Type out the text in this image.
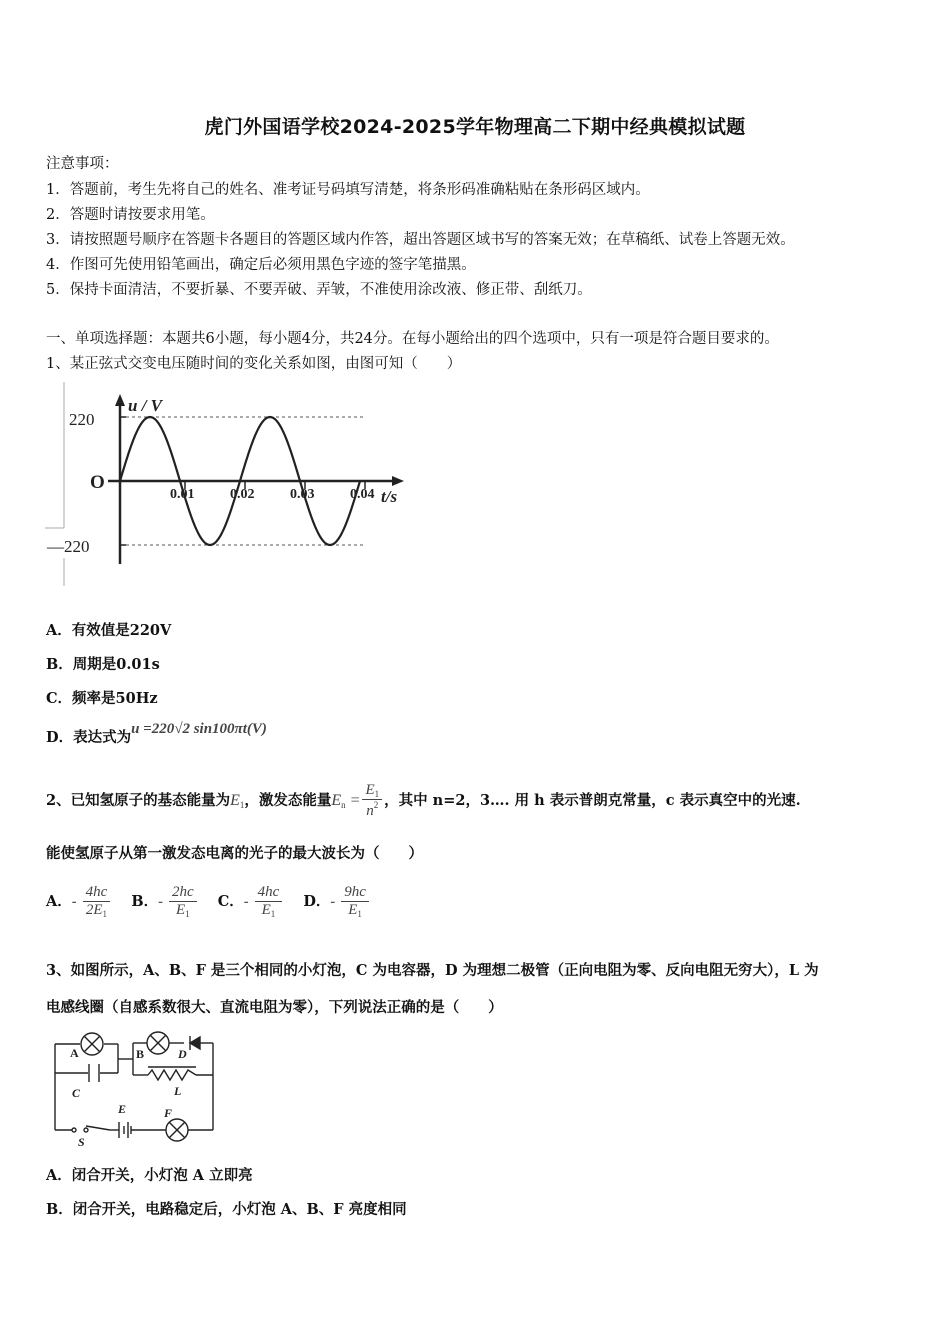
虎门外国语学校2024-2025学年物理高二下期中经典模拟试题
注意事项：
1．答题前，考生先将自己的姓名、准考证号码填写清楚，将条形码准确粘贴在条形码区域内。
2．答题时请按要求用笔。
3．请按照题号顺序在答题卡各题目的答题区域内作答，超出答题区域书写的答案无效；在草稿纸、试卷上答题无效。
4．作图可先使用铅笔画出，确定后必须用黑色字迹的签字笔描黑。
5．保持卡面清洁，不要折暴、不要弄破、弄皱，不准使用涂改液、修正带、刮纸刀。
一、单项选择题：本题共6小题，每小题4分，共24分。在每小题给出的四个选项中，只有一项是符合题目要求的。
1、某正弦式交变电压随时间的变化关系如图，由图可知（　　）
220
—220
O
u / V
t/s
0.01	0.02	0.03	0.04
A．有效值是220V
B．周期是0.01s
C．频率是50Hz
D．表达式为u =220√2 sin100πt(V)
2、已知氢原子的基态能量为$E_1$，激发态能量$E_n = \frac{E_1}{n^2}$ ，其中 n=2，3…. 用 h 表示普朗克常量，c 表示真空中的光速.
能使氢原子从第一激发态电离的光子的最大波长为（　　）
A．- $\frac{4hc}{2E_1}$ B．- $\frac{2hc}{E_1}$ C．- $\frac{4hc}{E_1}$ D．- $\frac{9hc}{E_1}$
3、如图所示，A、B、F 是三个相同的小灯泡，C 为电容器，D 为理想二极管（正向电阻为零、反向电阻无穷大），L 为
电感线圈（自感系数很大、直流电阻为零），下列说法正确的是（　　）
A	B	D
C	L
E	F
S
A．闭合开关，小灯泡 A 立即亮
B．闭合开关，电路稳定后，小灯泡 A、B、F 亮度相同
